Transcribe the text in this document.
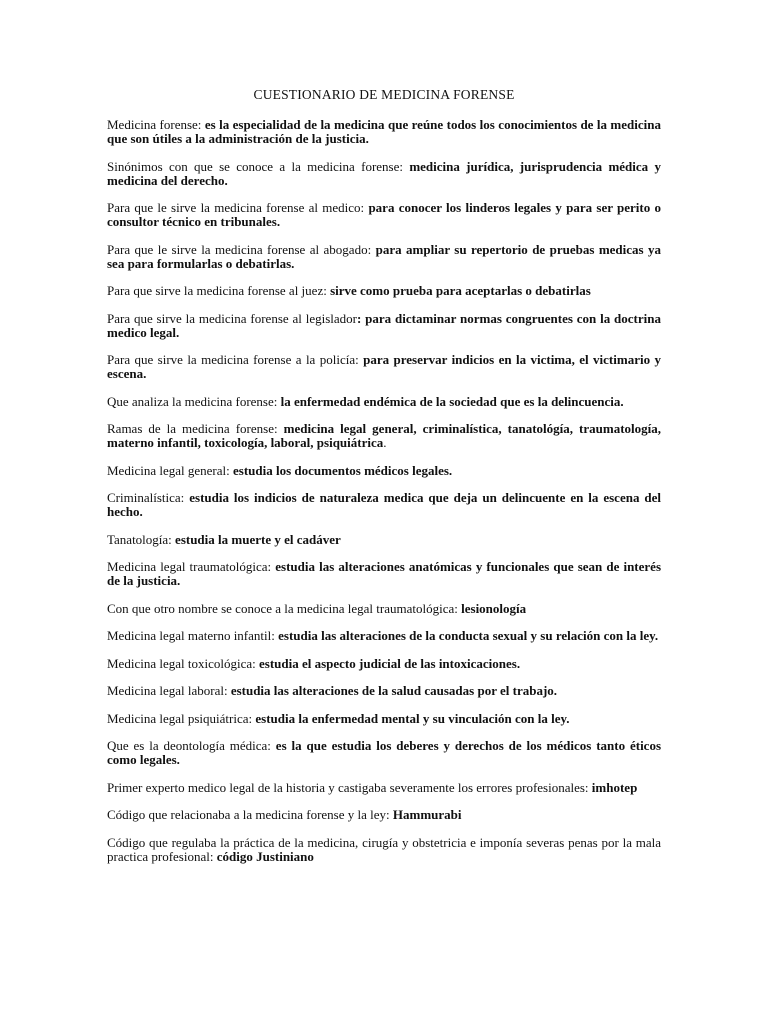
CUESTIONARIO DE MEDICINA FORENSE

Medicina forense: es la especialidad de la medicina que reúne todos los conocimientos de la medicina que son útiles a la administración de la justicia.

Sinónimos con que se conoce a la medicina forense: medicina jurídica, jurisprudencia médica y medicina del derecho.

Para que le sirve la medicina forense al medico: para conocer los linderos legales y para ser perito o consultor técnico en tribunales.

Para que le sirve la medicina forense al abogado: para ampliar su repertorio de pruebas medicas ya sea para formularlas o debatirlas.

Para que sirve la medicina forense al juez: sirve como prueba para aceptarlas o debatirlas

Para que sirve la medicina forense al legislador: para dictaminar normas congruentes con la doctrina medico legal.

Para que sirve la medicina forense a la policía: para preservar indicios en la victima, el victimario y escena.

Que analiza la medicina forense: la enfermedad endémica de la sociedad que es la delincuencia.

Ramas de la medicina forense: medicina legal general, criminalística, tanatológía, traumatología, materno infantil, toxicología, laboral, psiquiátrica.

Medicina legal general: estudia los documentos médicos legales.

Criminalística: estudia los indicios de naturaleza medica que deja un delincuente en la escena del hecho.

Tanatología: estudia la muerte y el cadáver

Medicina legal traumatológica: estudia las alteraciones anatómicas y funcionales que sean de interés de la justicia.

Con que otro nombre se conoce a la medicina legal traumatológica: lesionología

Medicina legal materno infantil: estudia las alteraciones de la conducta sexual y su relación con la ley.

Medicina legal toxicológica: estudia el aspecto judicial de las intoxicaciones.

Medicina legal laboral: estudia las alteraciones de la salud causadas por el trabajo.

Medicina legal psiquiátrica: estudia la enfermedad mental y su vinculación con la ley.

Que es la deontología médica: es la que estudia los deberes y derechos de los médicos tanto éticos como legales.

Primer experto medico legal de la historia y castigaba severamente los errores profesionales: imhotep

Código que relacionaba a la medicina forense y la ley: Hammurabi

Código que regulaba la práctica de la medicina, cirugía y obstetricia e imponía severas penas por la mala practica profesional: código Justiniano
